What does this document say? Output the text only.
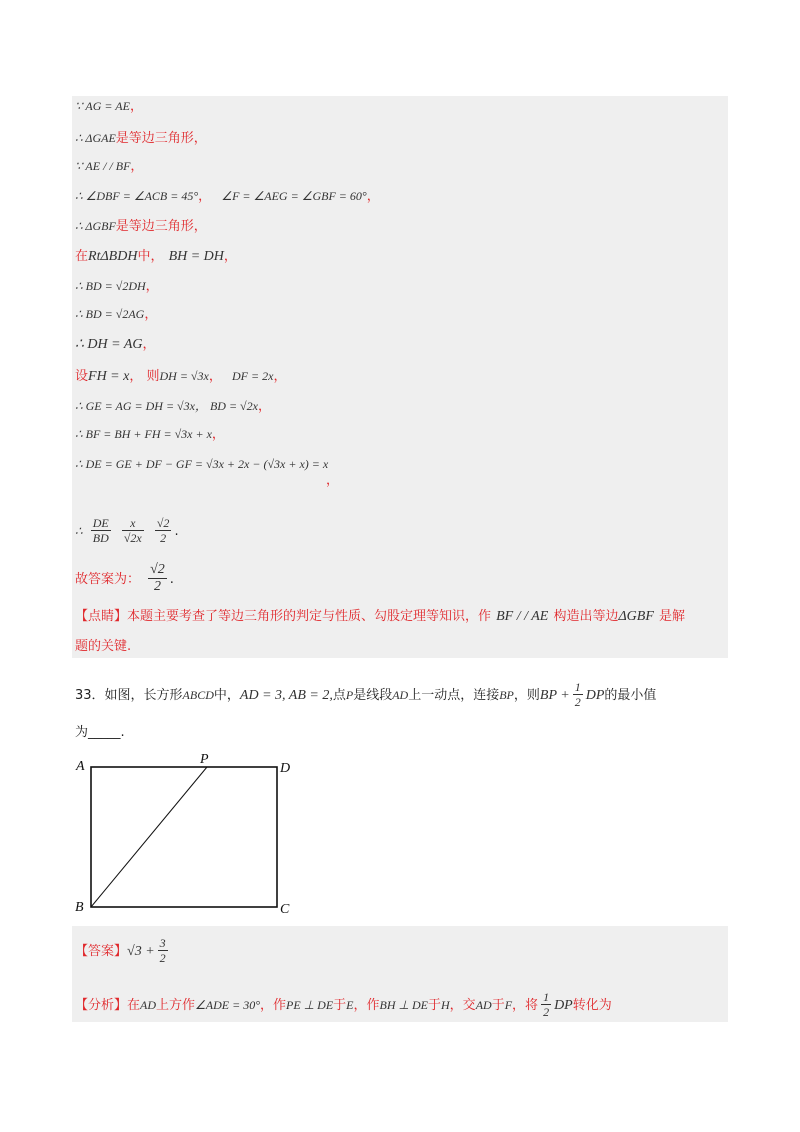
∵ AG = AE，
∴ ΔGAE是等边三角形，
∵ AE / / BF，
∴ ∠DBF = ∠ACB = 45°， ∠F = ∠AEG = ∠GBF = 60°，
∴ ΔGBF是等边三角形，
在RtΔBDH中， BH = DH，
∴ BD = √2DH，
∴ BD = √2AG，
∴ DH = AG，
设FH = x， 则DH = √3x， DF = 2x，
∴ GE = AG = DH = √3x， BD = √2x，
∴ BF = BH + FH = √3x + x，
∴ DE = GE + DF − GF = √3x + 2x − (√3x + x) = x
，
∴ $\frac{DE}{BD}$
$\frac{x}{√2x}$
$\frac{√2}{2}$ .
故答案为： $\frac{√2}{2}$ .
【点睛】本题主要考查了等边三角形的判定与性质、勾股定理等知识，作 BF / / AE 构造出等边ΔGBF 是解
题的关键.
33．如图，长方形ABCD中，AD = 3, AB = 2,点P是线段AD上一动点，连接BP，则BP + $\frac{1}{2}$ DP的最小值
为_____.
A	P
D
B	C
【答案】$√3 + \frac{3}{2}$
【分析】在AD上方作∠ADE = 30°，作PE ⊥ DE于E，作BH ⊥ DE于H，交AD于F，将 $\frac{1}{2}$ DP转化为
